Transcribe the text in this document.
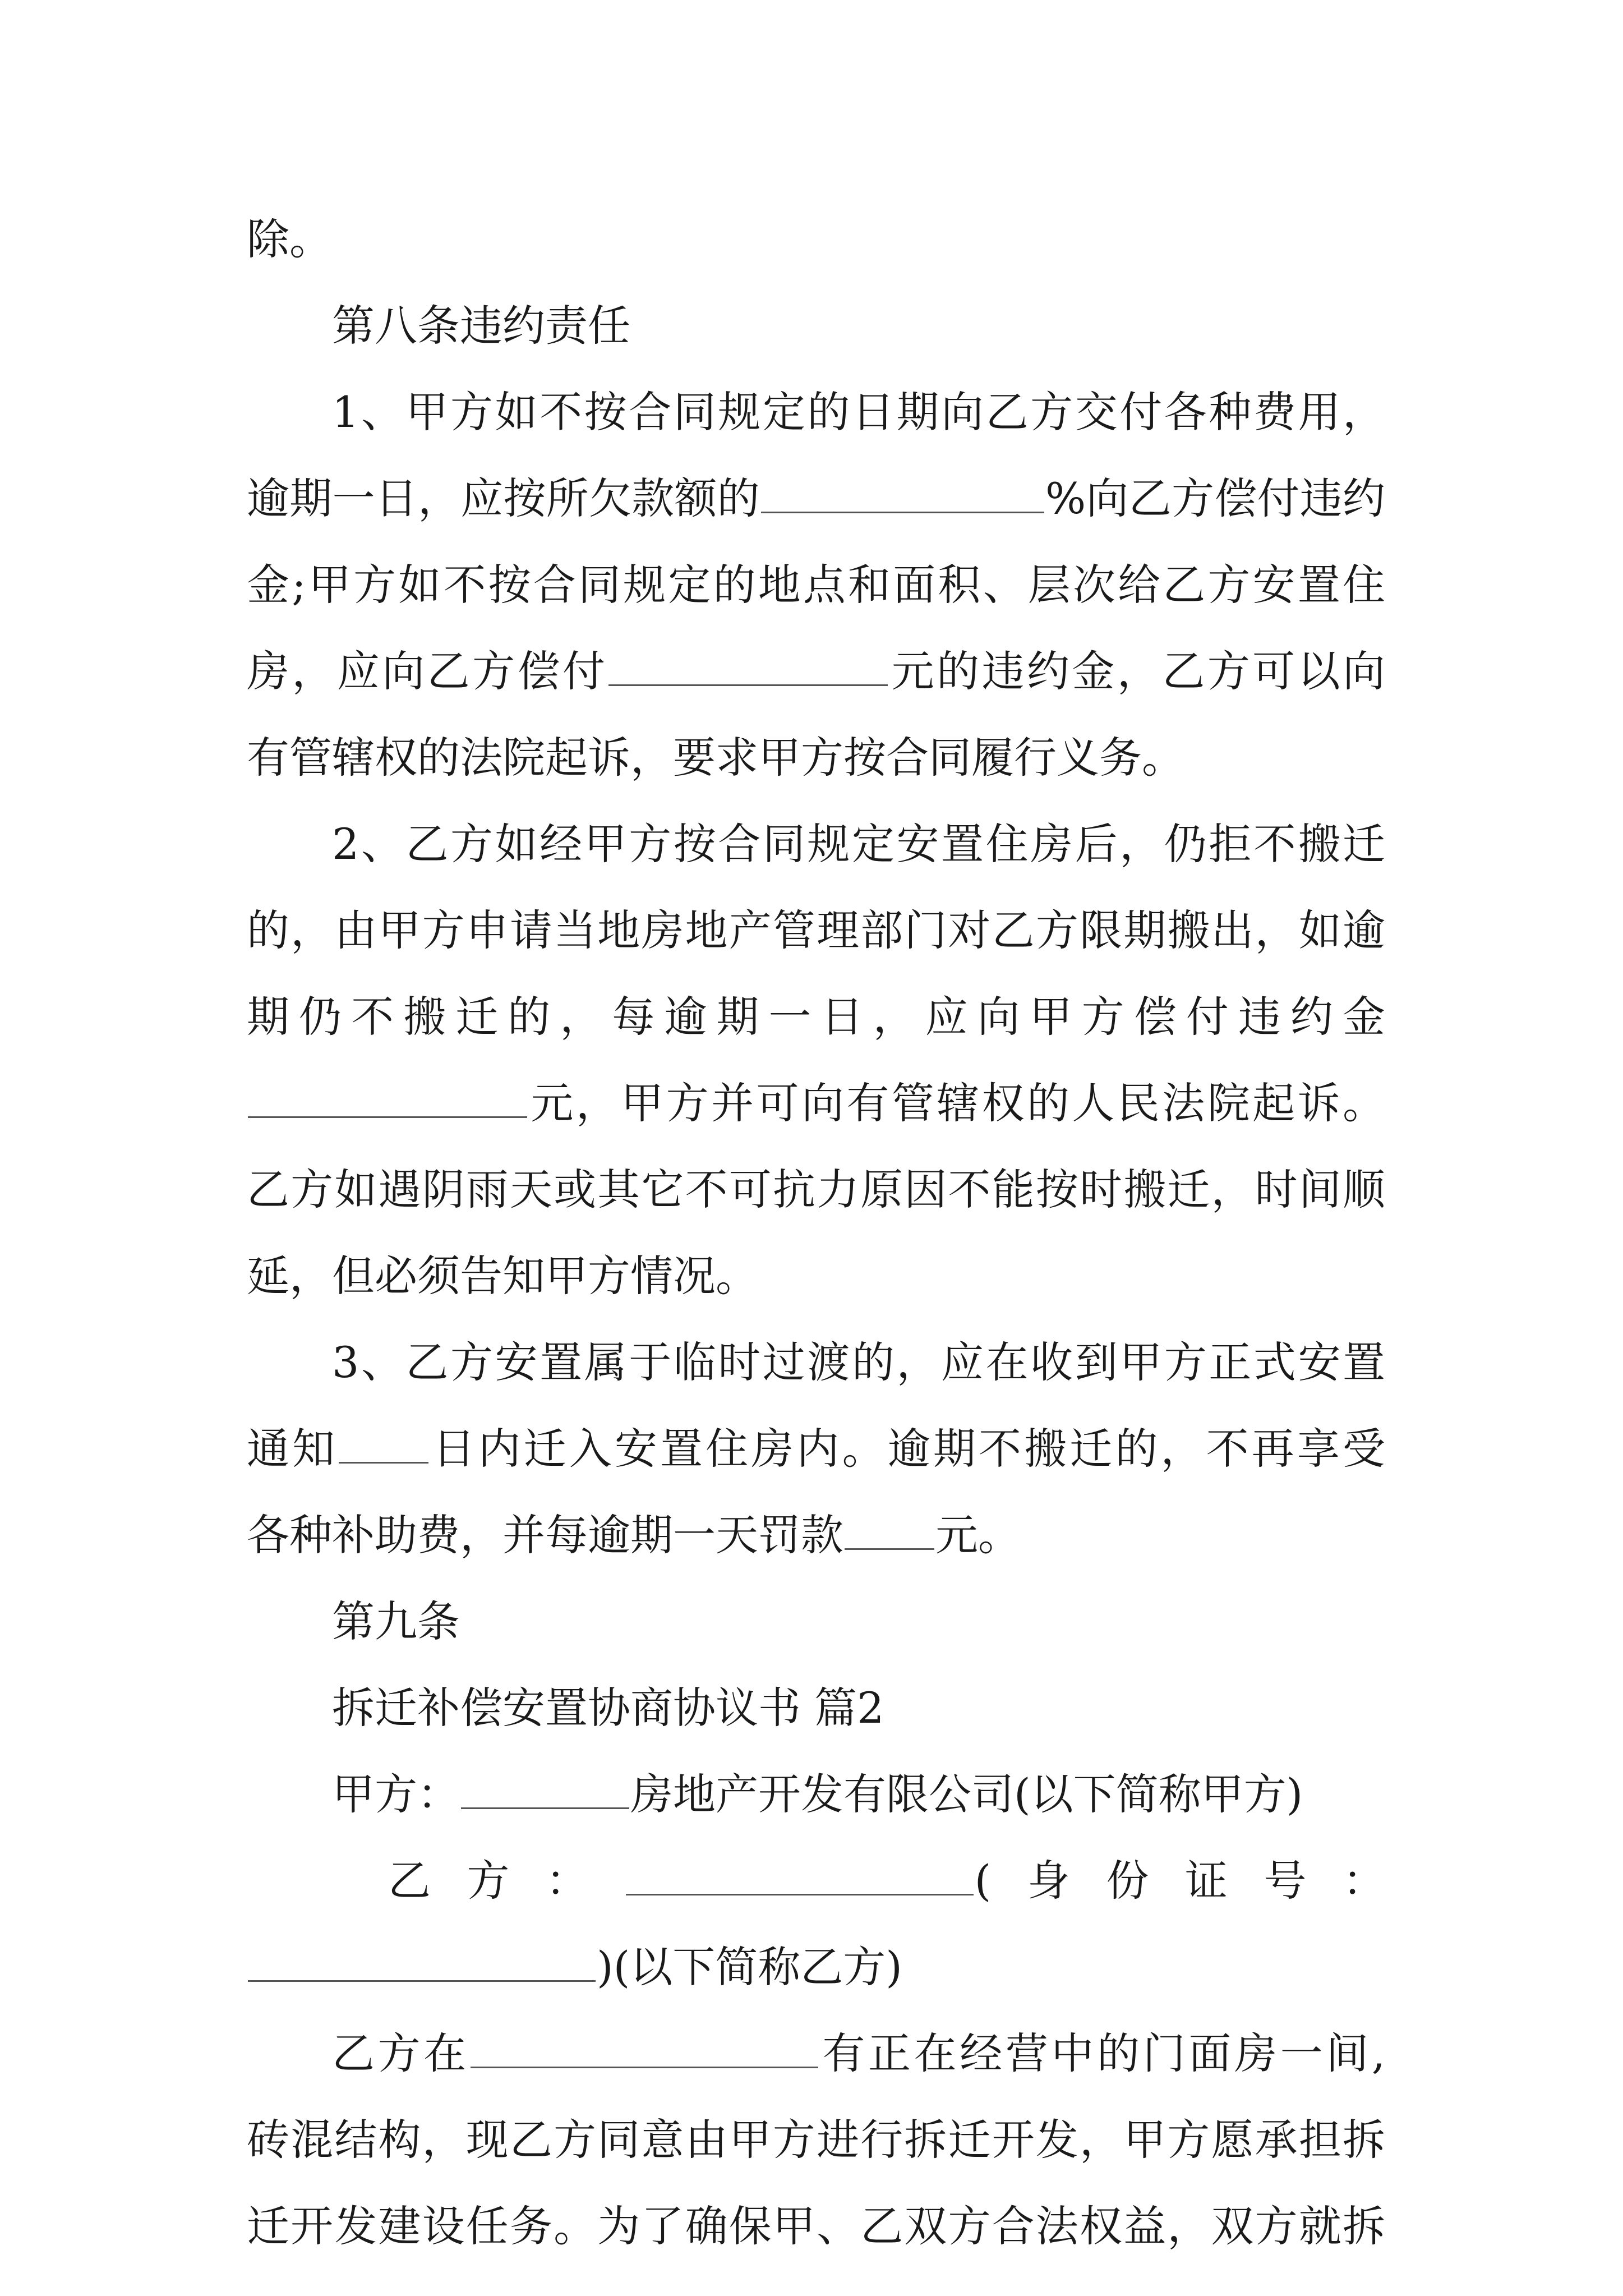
除。
第八条违约责任
1、甲方如不按合同规定的日期向乙方交付各种费用，
逾期一日，应按所欠款额的	%向乙方偿付违约
金;甲方如不按合同规定的地点和面积、层次给乙方安置住
房，应向乙方偿付	元的违约金，乙方可以向
有管辖权的法院起诉，要求甲方按合同履行义务。
2、乙方如经甲方按合同规定安置住房后，仍拒不搬迁
的，由甲方申请当地房地产管理部门对乙方限期搬出，如逾
期仍不搬迁的，每逾期一日，应向甲方偿付违约金
元，甲方并可向有管辖权的人民法院起诉。
乙方如遇阴雨天或其它不可抗力原因不能按时搬迁，时间顺
延，但必须告知甲方情况。
3、乙方安置属于临时过渡的，应在收到甲方正式安置
通知 日内迁入安置住房内。逾期不搬迁的，不再享受
各种补助费，并每逾期一天罚款 元。
第九条
拆迁补偿安置协商协议书 篇2
甲方：	房地产开发有限公司(以下简称甲方)
乙方：	(身份证号：
)(以下简称乙方)
乙方在	有正在经营中的门面房一间,
砖混结构，现乙方同意由甲方进行拆迁开发，甲方愿承担拆
迁开发建设任务。为了确保甲、乙双方合法权益，双方就拆
